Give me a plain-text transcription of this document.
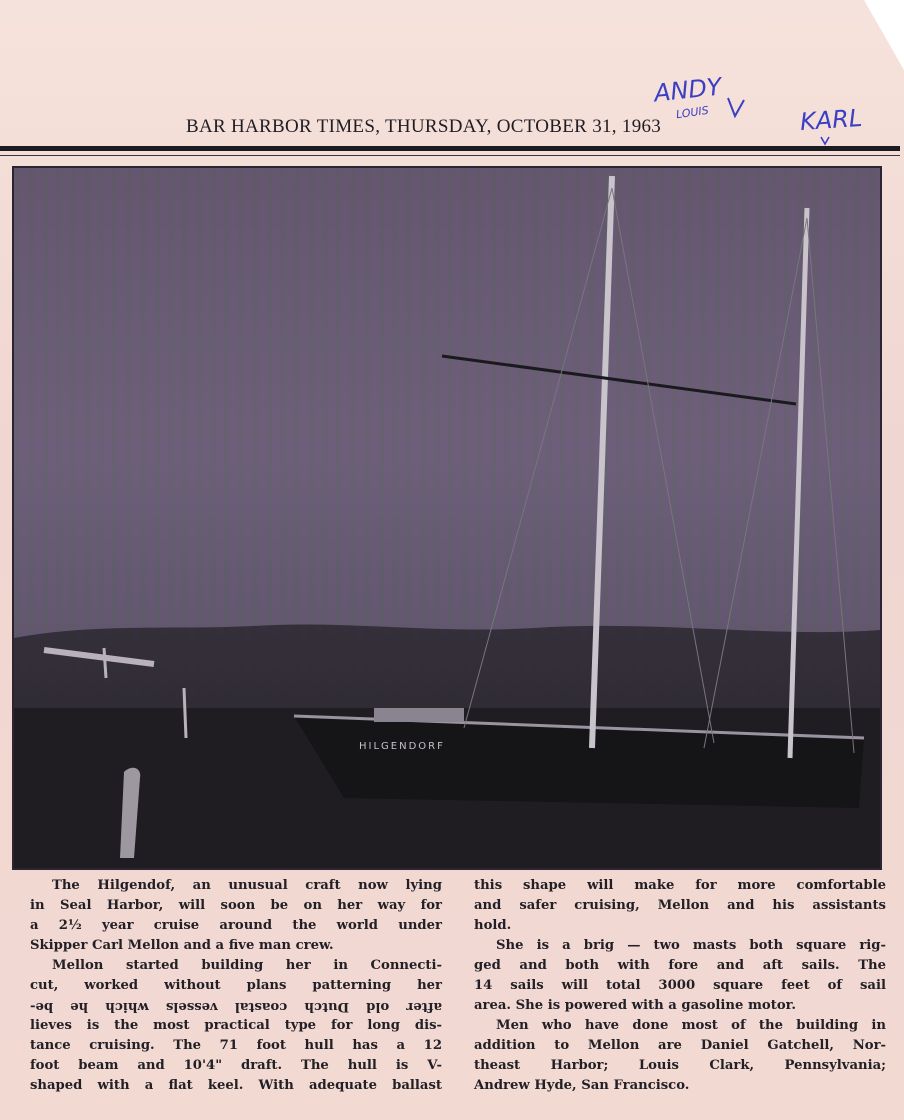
ANDY
LOUIS	KARL
BAR HARBOR TIMES, THURSDAY, OCTOBER 31, 1963
HILGENDORF

The Hilgendof, an unusual craft now lying

in Seal Harbor, will soon be on her way for

a 2½ year cruise around the world under

Skipper Carl Mellon and a five man crew.

Mellon started building her in Connecti-

cut, worked without plans patterning her

after old Dutch coastal vessels which he be-

lieves is the most practical type for long dis-

tance cruising. The 71 foot hull has a 12

foot beam and 10'4" draft. The hull is V-

shaped with a flat keel. With adequate ballast

this shape will make for more comfortable

and safer cruising, Mellon and his assistants

hold.

She is a brig — two masts both square rig-

ged and both with fore and aft sails. The

14 sails will total 3000 square feet of sail

area. She is powered with a gasoline motor.

Men who have done most of the building in

addition to Mellon are Daniel Gatchell, Nor-

theast Harbor; Louis Clark, Pennsylvania;

Andrew Hyde, San Francisco.
